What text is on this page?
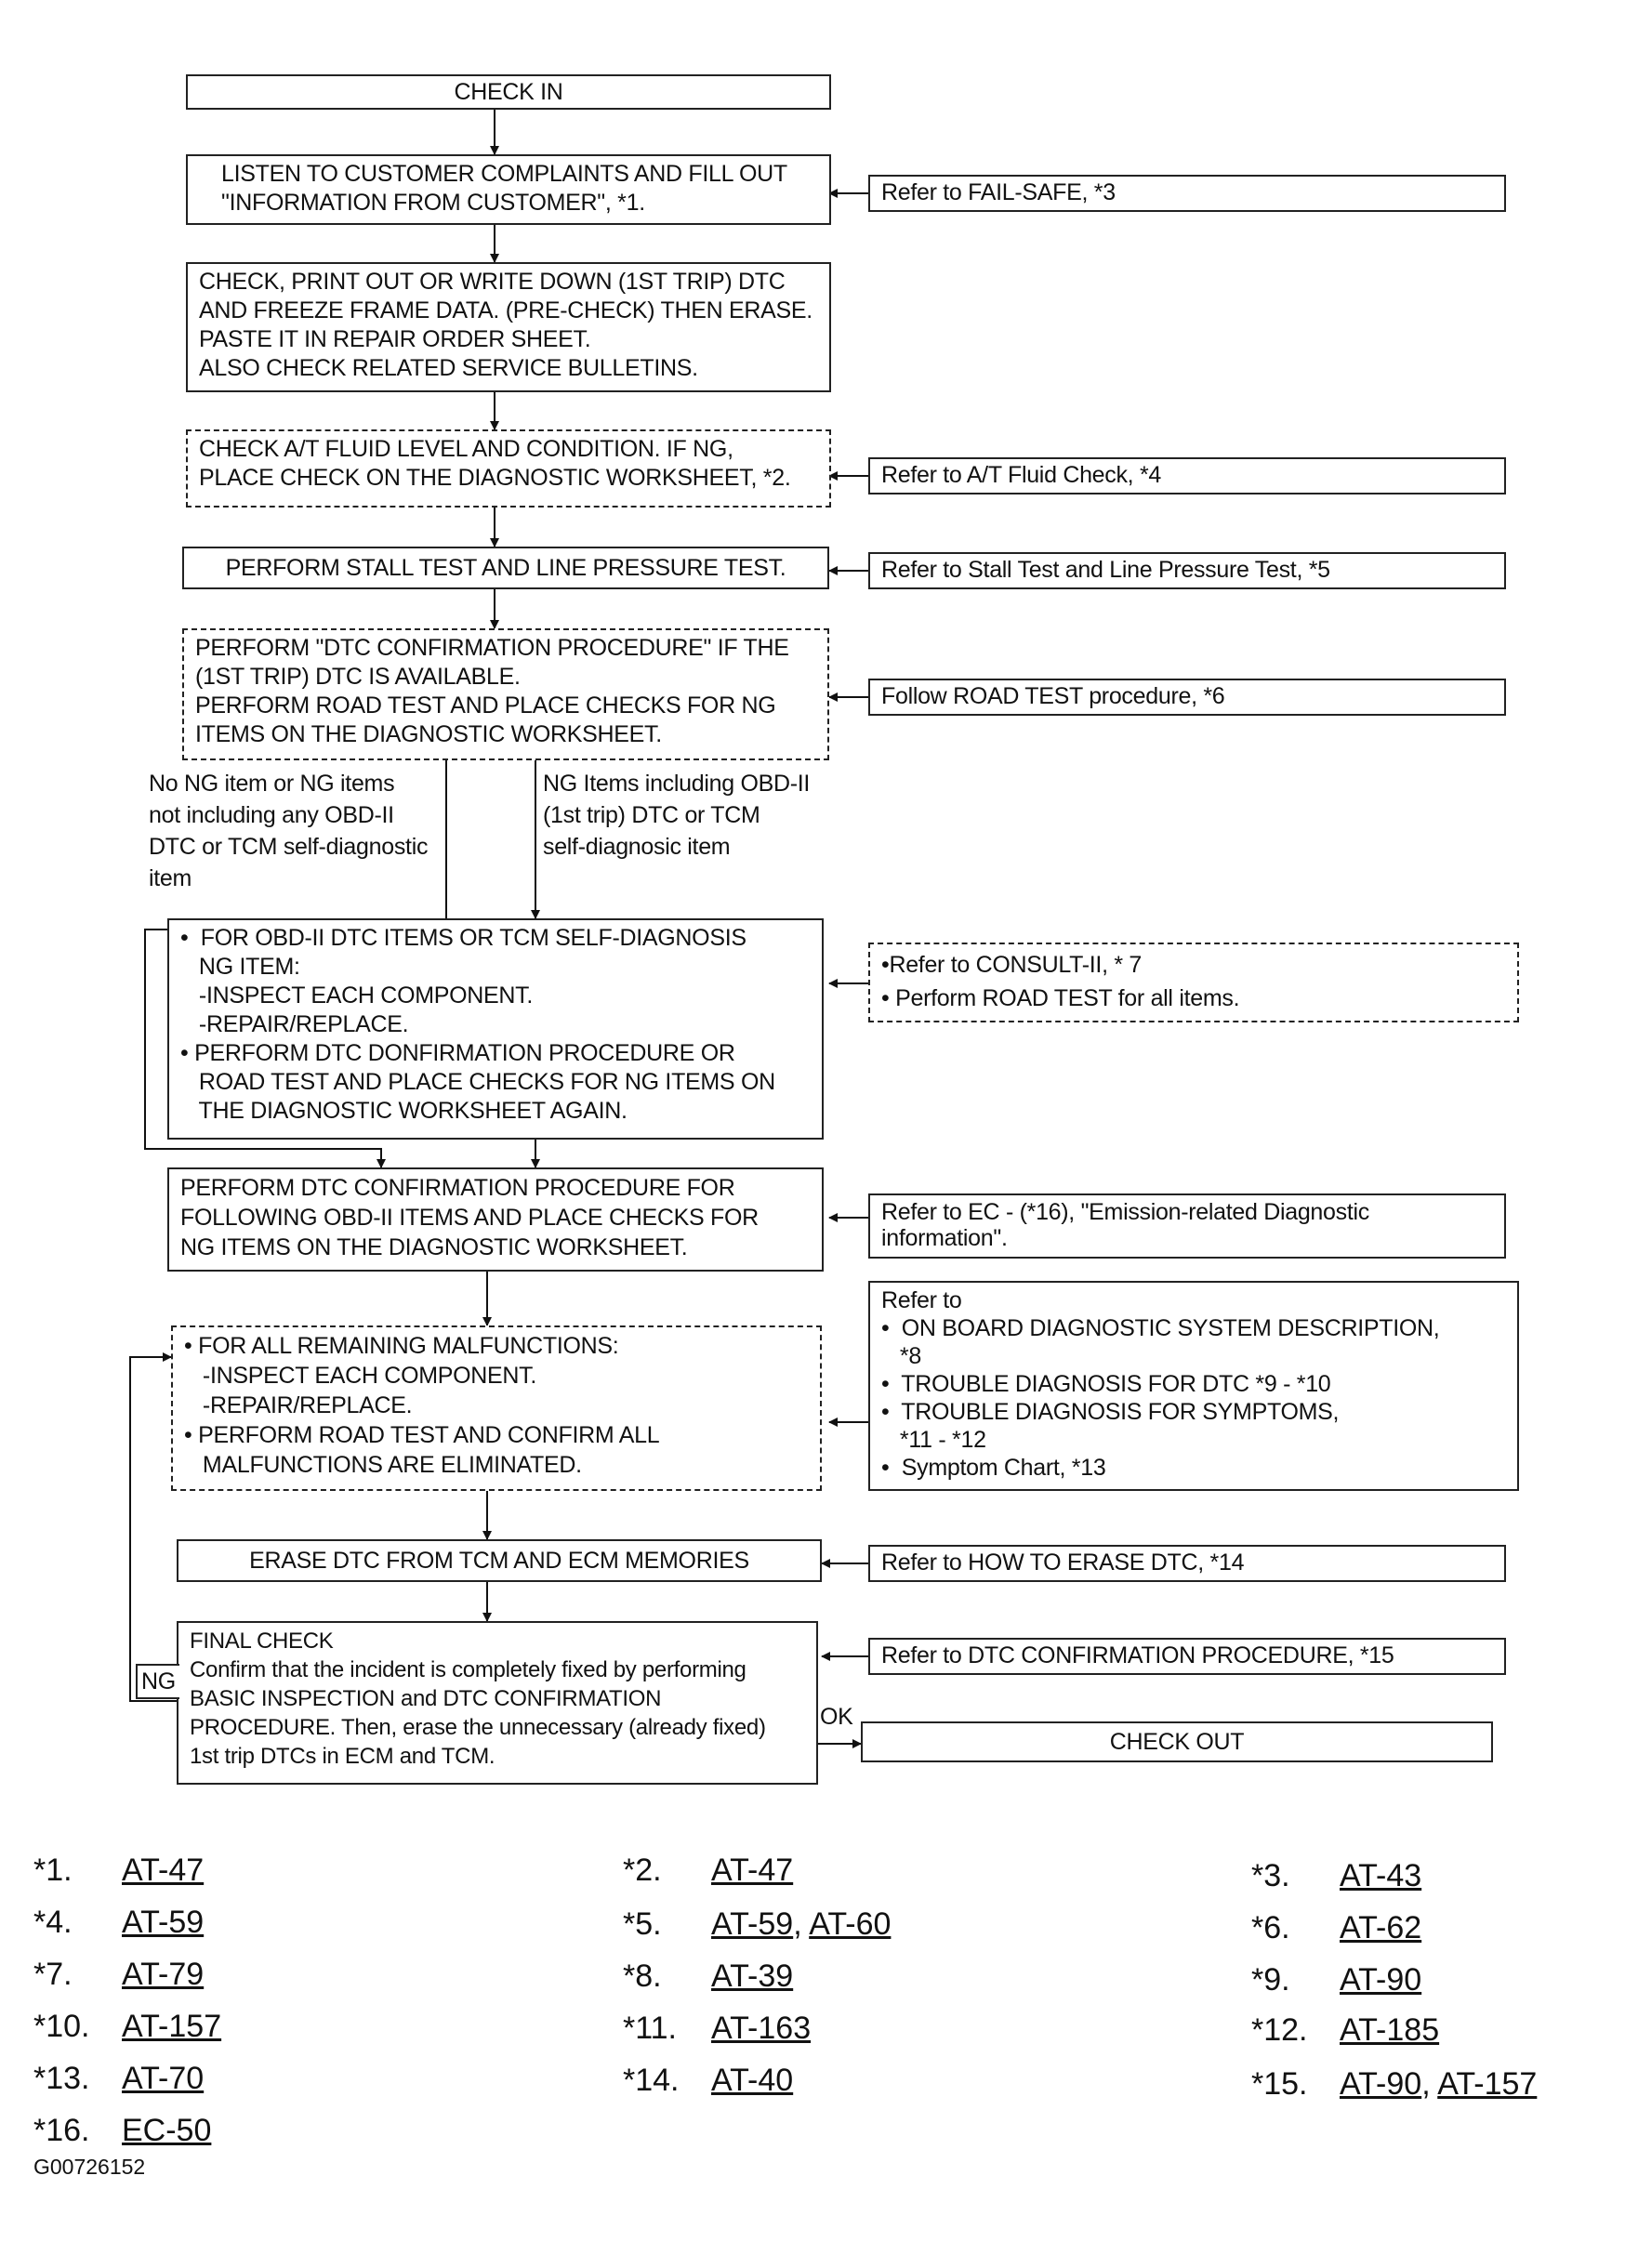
CHECK IN
LISTEN TO CUSTOMER COMPLAINTS AND FILL OUT
"INFORMATION FROM CUSTOMER", *1.
CHECK, PRINT OUT OR WRITE DOWN (1ST TRIP) DTC
AND FREEZE FRAME DATA. (PRE-CHECK) THEN ERASE.
PASTE IT IN REPAIR ORDER SHEET.
ALSO CHECK RELATED SERVICE BULLETINS.
CHECK A/T FLUID LEVEL AND CONDITION. IF NG,
PLACE CHECK ON THE DIAGNOSTIC WORKSHEET, *2.
PERFORM STALL TEST AND LINE PRESSURE TEST.
PERFORM "DTC CONFIRMATION PROCEDURE" IF THE
(1ST TRIP) DTC IS AVAILABLE.
PERFORM ROAD TEST AND PLACE CHECKS FOR NG
ITEMS ON THE DIAGNOSTIC WORKSHEET.
No NG item or NG items
not including any OBD-II
DTC or TCM self-diagnostic
item
NG Items including OBD-II
(1st trip) DTC or TCM
self-diagnosic item
•  FOR OBD-II DTC ITEMS OR TCM SELF-DIAGNOSIS
NG ITEM:
-INSPECT EACH COMPONENT.
-REPAIR/REPLACE.
• PERFORM DTC DONFIRMATION PROCEDURE OR
ROAD TEST AND PLACE CHECKS FOR NG ITEMS ON
THE DIAGNOSTIC WORKSHEET AGAIN.
PERFORM DTC CONFIRMATION PROCEDURE FOR
FOLLOWING OBD-II ITEMS AND PLACE CHECKS FOR
NG ITEMS ON THE DIAGNOSTIC WORKSHEET.
• FOR ALL REMAINING MALFUNCTIONS:
-INSPECT EACH COMPONENT.
-REPAIR/REPLACE.
• PERFORM ROAD TEST AND CONFIRM ALL
MALFUNCTIONS ARE ELIMINATED.
ERASE DTC FROM TCM AND ECM MEMORIES
FINAL CHECK
Confirm that the incident is completely fixed by performing
BASIC INSPECTION and DTC CONFIRMATION
PROCEDURE. Then, erase the unnecessary (already fixed)
1st trip DTCs in ECM and TCM.
NG
OK
CHECK OUT
Refer to FAIL-SAFE, *3
Refer to A/T Fluid Check, *4
Refer to Stall Test and Line Pressure Test, *5
Follow ROAD TEST procedure, *6
•Refer to CONSULT-II, * 7
• Perform ROAD TEST for all items.
Refer to EC - (*16), "Emission-related Diagnostic
information".
Refer to
•  ON BOARD DIAGNOSTIC SYSTEM DESCRIPTION,
*8
•  TROUBLE DIAGNOSIS FOR DTC *9 - *10
•  TROUBLE DIAGNOSIS FOR SYMPTOMS,
*11 - *12
•  Symptom Chart, *13
Refer to HOW TO ERASE DTC, *14
Refer to DTC CONFIRMATION PROCEDURE, *15
*1. AT-47	*2. AT-47	*3. AT-43
*4. AT-59	*5. AT-59, AT-60	*6. AT-62
*7. AT-79	*8. AT-39	*9. AT-90
*10. AT-157	*11. AT-163	*12. AT-185
*13. AT-70	*14. AT-40	*15. AT-90, AT-157
*16. EC-50
G00726152
